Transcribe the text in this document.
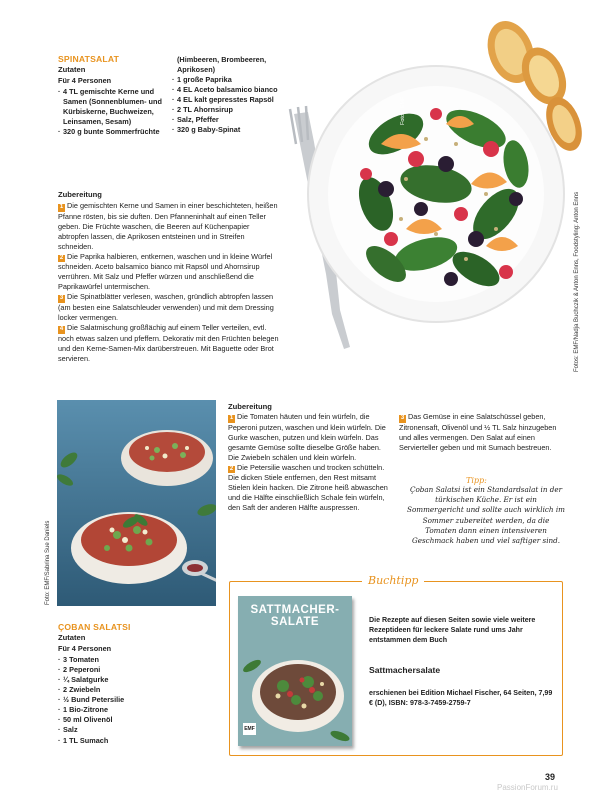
SPINATSALAT
Zutaten
Für 4 Personen
· 4 TL gemischte Kerne und Samen (Sonnenblumen- und Kürbiskerne, Buchweizen, Leinsamen, Sesam)
· 320 g bunte Sommerfrüchte
(Himbeeren, Brombeeren, Aprikosen)
· 1 große Paprika
· 4 EL Aceto balsamico bianco
· 4 EL kalt gepresstes Rapsöl
· 2 TL Ahornsirup
· Salz, Pfeffer
· 320 g Baby-Spinat
Zubereitung

1 Die gemischten Kerne und Samen in einer beschichteten, heißen Pfanne rösten, bis sie duften. Den Pfanneninhalt auf einen Teller geben. Die Früchte waschen, die Beeren auf Küchenpapier abtropfen lassen, die Aprikosen entsteinen und in Streifen schneiden.

2 Die Paprika halbieren, entkernen, waschen und in kleine Würfel schneiden. Aceto balsamico bianco mit Rapsöl und Ahornsirup verrühren. Mit Salz und Pfeffer würzen und anschließend die Paprikawürfel untermischen.

3 Die Spinatblätter verlesen, waschen, gründlich abtropfen lassen (am besten eine Salatschleuder verwenden) und mit dem Dressing locker vermengen.

4 Die Salatmischung großflächig auf einem Teller verteilen, evtl. noch etwas salzen und pfeffern. Dekorativ mit den Früchten belegen und den Kerne-Samen-Mix darüberstreuen. Mit Baguette oder Brot servieren.

Fotos: EMF
Fotos: EMF/Nadja Buchczik & Anton Enns, Foodstyling: Anton Enns
Foto: EMF/Sabrina Sue Daniels
Zubereitung

1 Die Tomaten häuten und fein würfeln, die Peperoni putzen, waschen und klein würfeln. Die Gurke waschen, putzen und klein würfeln. Das gesamte Gemüse sollte dieselbe Größe haben. Die Zwiebeln schälen und klein würfeln.

2 Die Petersilie waschen und trocken schütteln. Die dicken Stiele entfernen, den Rest mitsamt Stielen klein hacken. Die Zitrone heiß abwaschen und die Hälfte einschließlich Schale fein würfeln, den Saft der anderen Hälfte auspressen.

3 Das Gemüse in eine Salatschüssel geben, Zitronensaft, Olivenöl und ½ TL Salz hinzugeben und alles vermengen. Den Salat auf einen Servierteller geben und mit Sumach bestreuen.

Tipp:
Çoban Salatsi ist ein Standardsalat in der türkischen Küche. Er ist ein Sommergericht und sollte auch wirklich im Sommer zubereitet werden, da die Tomaten dann einen intensiveren Geschmack haben und viel saftiger sind.
Buchtipp
SATTMACHER-SALATE
EMF
Die Rezepte auf diesen Seiten sowie viele weitere Rezeptideen für leckere Salate rund ums Jahr entstammen dem Buch
Sattmachersalate
erschienen bei Edition Michael Fischer, 64 Seiten, 7,99 € (D), ISBN: 978-3-7459-2759-7
ÇOBAN SALATSI
Zutaten
Für 4 Personen
· 3 Tomaten
· 2 Peperoni
· ¼ Salatgurke
· 2 Zwiebeln
· ½ Bund Petersilie
· 1 Bio-Zitrone
· 50 ml Olivenöl
· Salz
· 1 TL Sumach
39
PassionForum.ru
